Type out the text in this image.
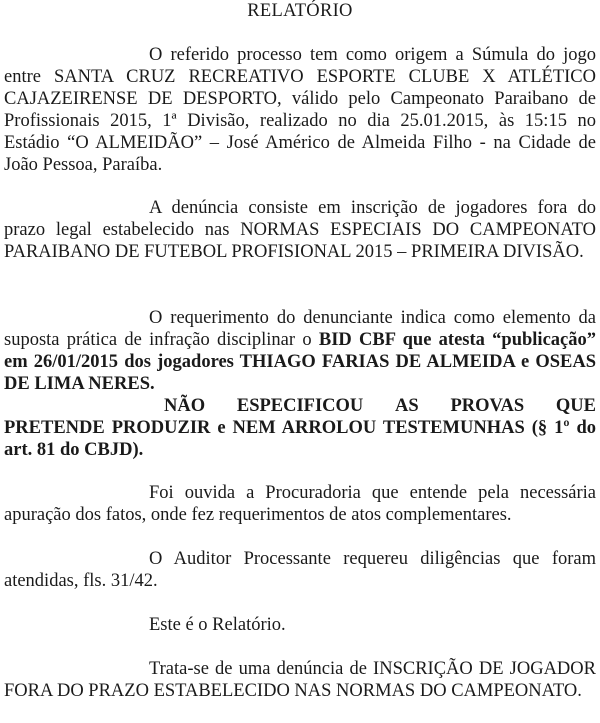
RELATÓRIO

O referido processo tem como origem a Súmula do jogo entre SANTA CRUZ RECREATIVO ESPORTE CLUBE X ATLÉTICO CAJAZEIRENSE DE DESPORTO, válido pelo Campeonato Paraibano de Profissionais 2015, 1ª Divisão, realizado no dia 25.01.2015, às 15:15 no Estádio “O ALMEIDÃO” – José Américo de Almeida Filho - na Cidade de João Pessoa, Paraíba.

A denúncia consiste em inscrição de jogadores fora do prazo legal estabelecido nas NORMAS ESPECIAIS DO CAMPEONATO PARAIBANO DE FUTEBOL PROFISIONAL 2015 – PRIMEIRA DIVISÃO.

O requerimento do denunciante indica como elemento da suposta prática de infração disciplinar o BID CBF que atesta “publicação” em 26/01/2015 dos jogadores THIAGO FARIAS DE ALMEIDA e OSEAS DE LIMA NERES.

NÃO ESPECIFICOU AS PROVAS QUE
PRETENDE PRODUZIR e NEM ARROLOU TESTEMUNHAS (§ 1º do art. 81 do CBJD).

Foi ouvida a Procuradoria que entende pela necessária apuração dos fatos, onde fez requerimentos de atos complementares.

O Auditor Processante requereu diligências que foram atendidas, fls. 31/42.

Este é o Relatório.

Trata-se de uma denúncia de INSCRIÇÃO DE JOGADOR FORA DO PRAZO ESTABELECIDO NAS NORMAS DO CAMPEONATO.
